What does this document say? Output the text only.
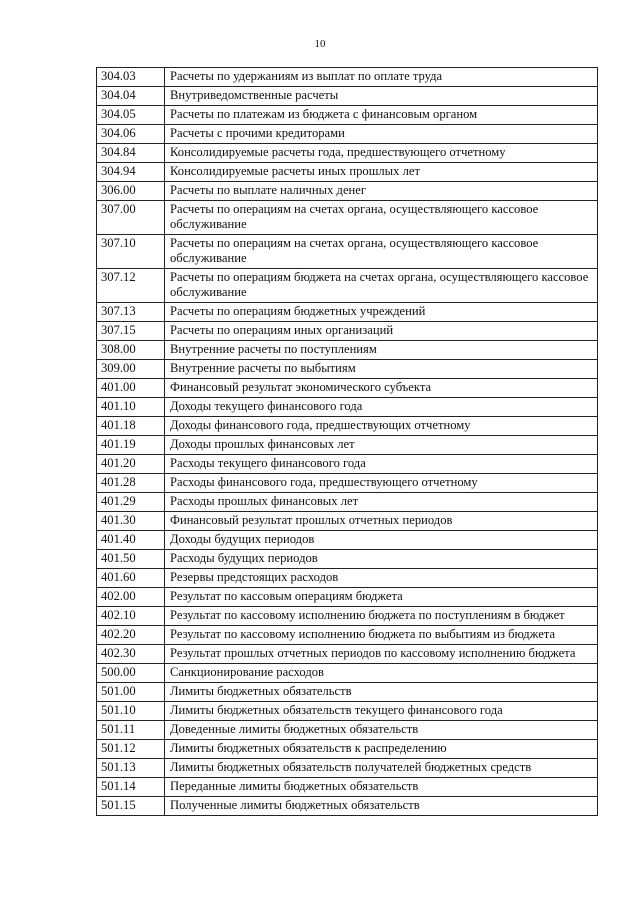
10
304.03	Расчеты по удержаниям из выплат по оплате труда
304.04	Внутриведомственные расчеты
304.05	Расчеты по платежам из бюджета с финансовым органом
304.06	Расчеты с прочими кредиторами
304.84	Консолидируемые расчеты года, предшествующего отчетному
304.94	Консолидируемые расчеты иных прошлых лет
306.00	Расчеты по выплате наличных денег
307.00	Расчеты по операциям на счетах органа, осуществляющего кассовое обслуживание
307.10	Расчеты по операциям на счетах органа, осуществляющего кассовое обслуживание
307.12	Расчеты по операциям бюджета на счетах органа, осуществляющего кассовое обслуживание
307.13	Расчеты по операциям бюджетных учреждений
307.15	Расчеты по операциям иных организаций
308.00	Внутренние расчеты по поступлениям
309.00	Внутренние расчеты по выбытиям
401.00	Финансовый результат экономического субъекта
401.10	Доходы текущего финансового года
401.18	Доходы финансового года, предшествующих отчетному
401.19	Доходы прошлых финансовых лет
401.20	Расходы текущего финансового года
401.28	Расходы финансового года, предшествующего отчетному
401.29	Расходы прошлых финансовых лет
401.30	Финансовый результат прошлых отчетных периодов
401.40	Доходы будущих периодов
401.50	Расходы будущих периодов
401.60	Резервы предстоящих расходов
402.00	Результат по кассовым операциям бюджета
402.10	Результат по кассовому исполнению бюджета по поступлениям в бюджет
402.20	Результат по кассовому исполнению бюджета по выбытиям из бюджета
402.30	Результат прошлых отчетных периодов по кассовому исполнению бюджета
500.00	Санкционирование расходов
501.00	Лимиты бюджетных обязательств
501.10	Лимиты бюджетных обязательств текущего финансового года
501.11	Доведенные лимиты бюджетных обязательств
501.12	Лимиты бюджетных обязательств к распределению
501.13	Лимиты бюджетных обязательств получателей бюджетных средств
501.14	Переданные лимиты бюджетных обязательств
501.15	Полученные лимиты бюджетных обязательств
